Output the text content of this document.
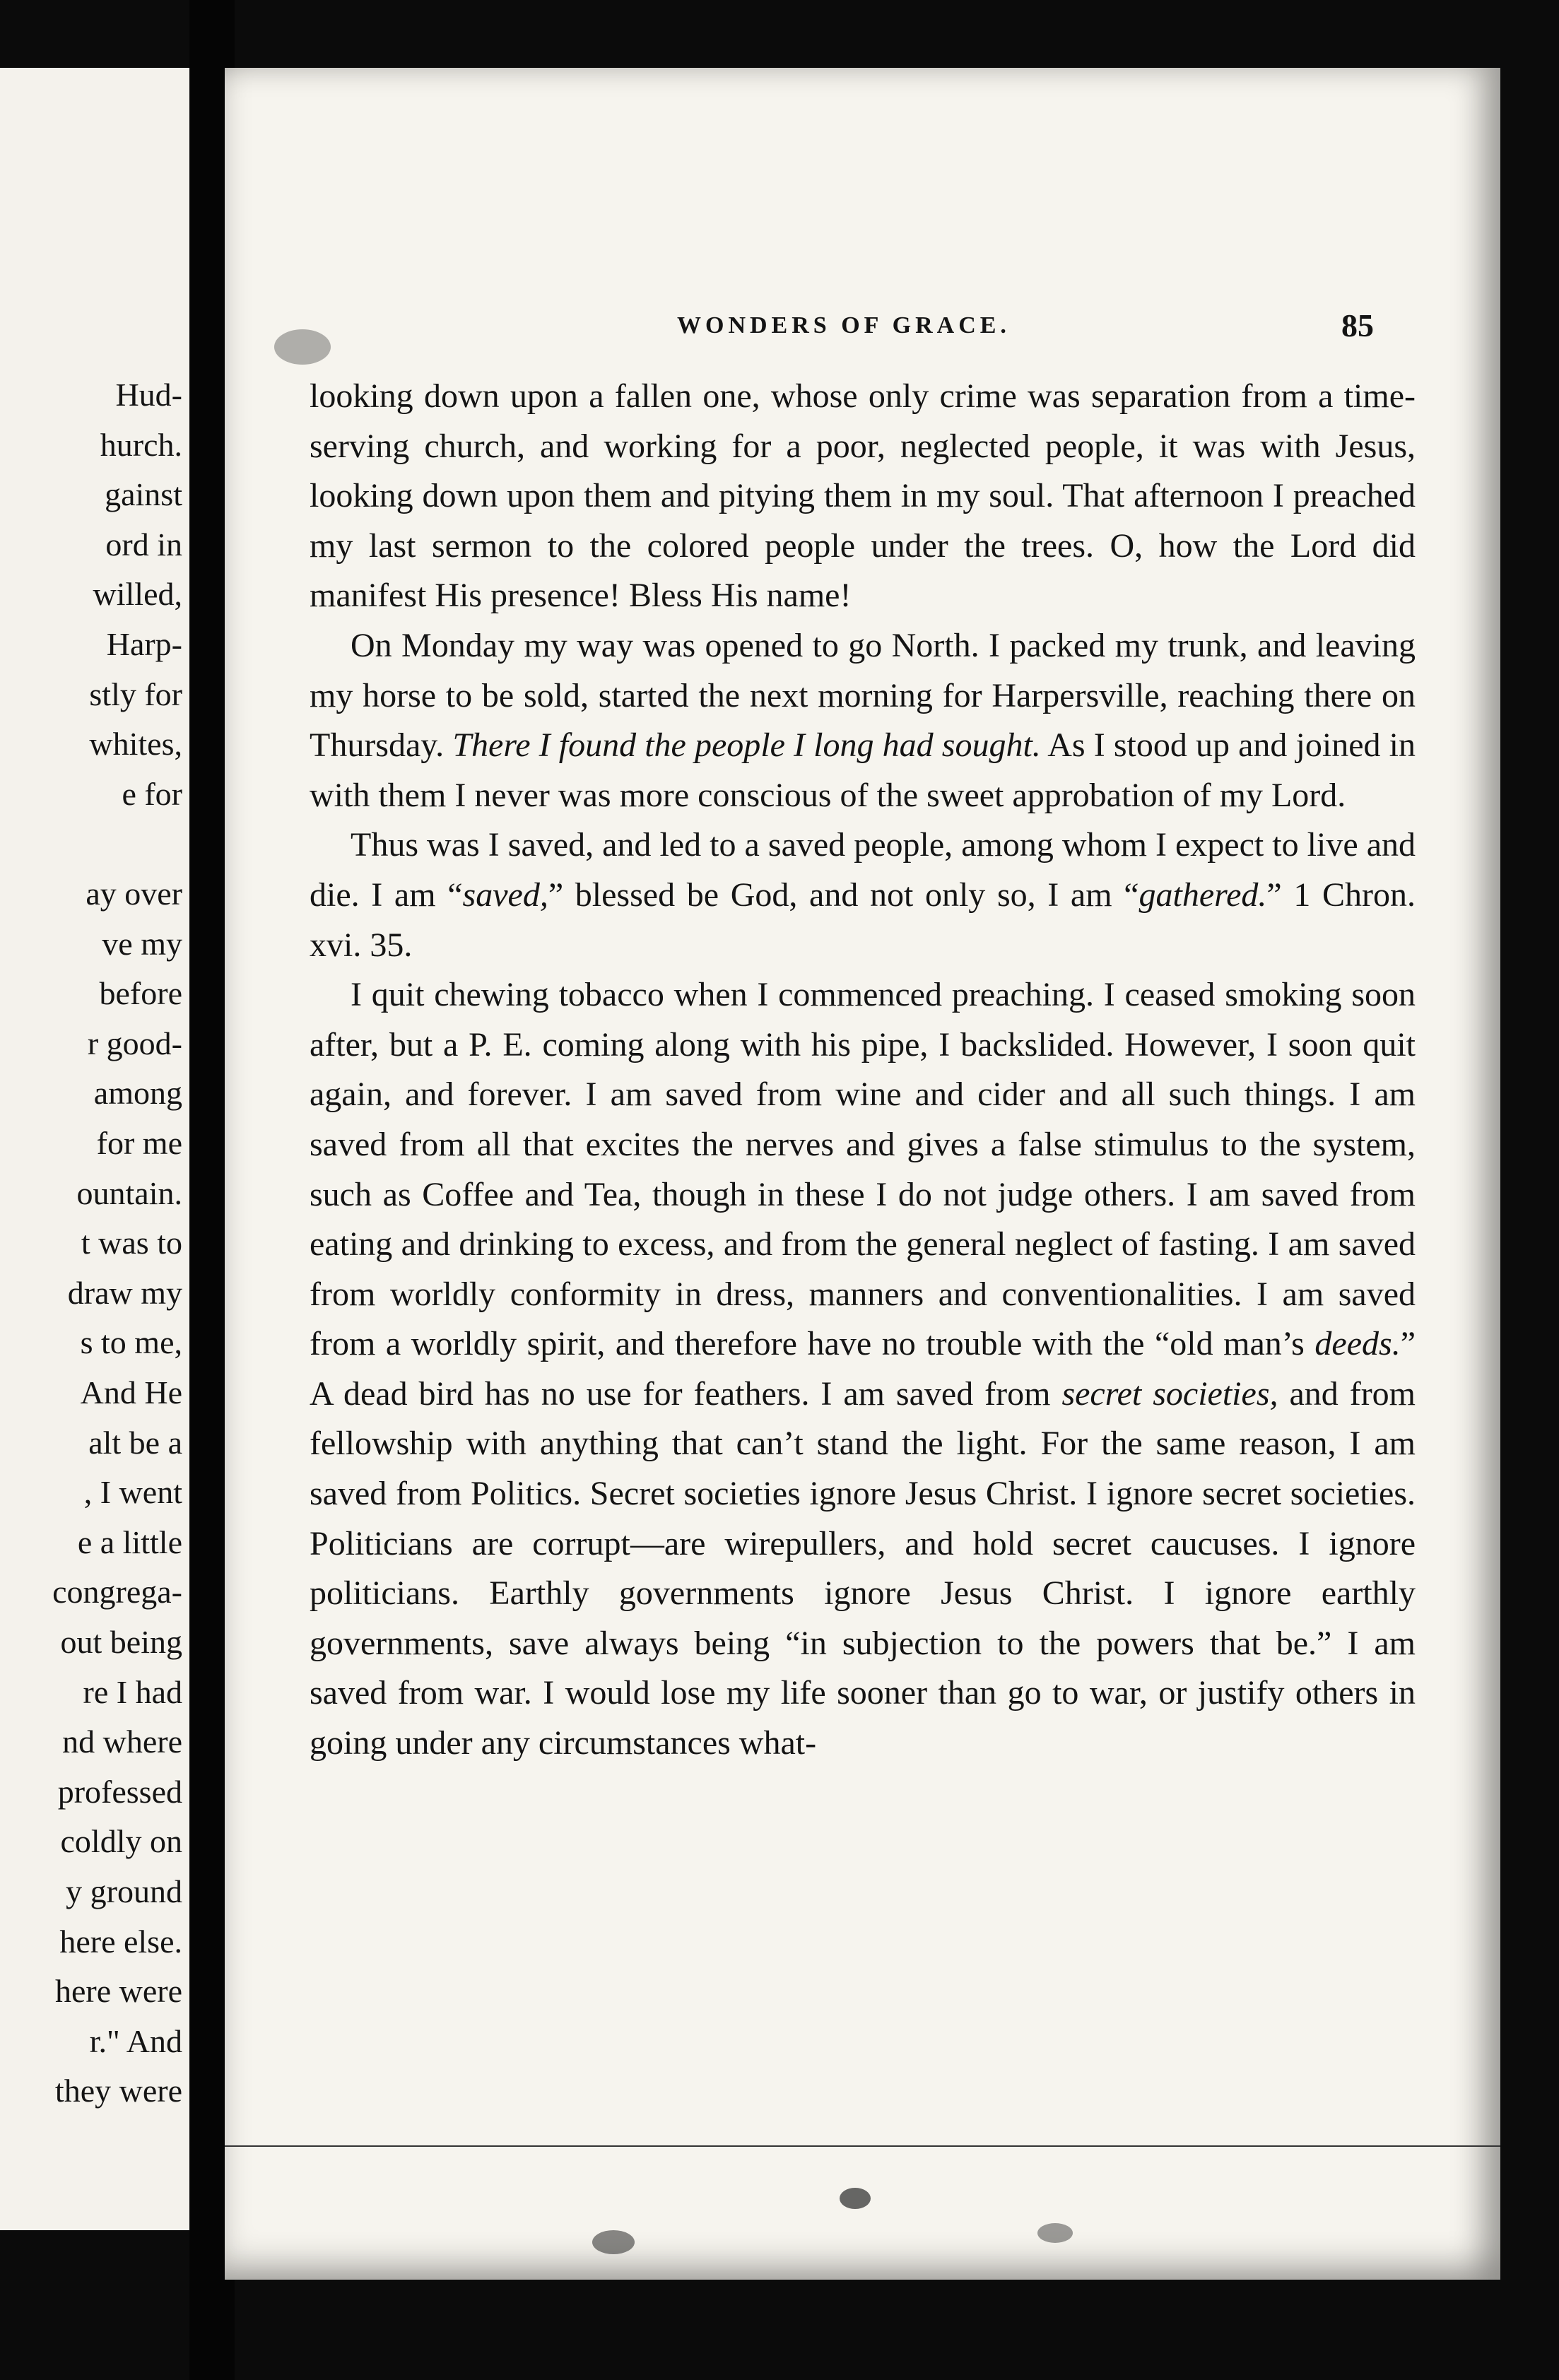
Hud-

hurch.

gainst

ord in

willed,

Harp-

stly for

whites,

e for

ay over

ve my

before

r good-

among

for me

ountain.

t was to

draw my

s to me,

And He

alt be a

, I went

e a little

congrega-

out being

re I had

nd where

professed

coldly on

y ground

here else.

here were

r." And

they were

WONDERS OF GRACE.	85

looking down upon a fallen one, whose only crime was separation from a time-serving church, and working for a poor, neglected people, it was with Jesus, looking down upon them and pitying them in my soul. That afternoon I preached my last sermon to the colored people under the trees. O, how the Lord did manifest His presence! Bless His name!

On Monday my way was opened to go North. I packed my trunk, and leaving my horse to be sold, started the next morning for Harpersville, reaching there on Thursday. There I found the people I long had sought. As I stood up and joined in with them I never was more conscious of the sweet approbation of my Lord.

Thus was I saved, and led to a saved people, among whom I expect to live and die. I am “saved,” blessed be God, and not only so, I am “gathered.” 1 Chron. xvi. 35.

I quit chewing tobacco when I commenced preaching. I ceased smoking soon after, but a P. E. coming along with his pipe, I backslided. However, I soon quit again, and forever. I am saved from wine and cider and all such things. I am saved from all that excites the nerves and gives a false stimulus to the system, such as Coffee and Tea, though in these I do not judge others. I am saved from eating and drinking to excess, and from the general neglect of fasting. I am saved from worldly conformity in dress, manners and conventionalities. I am saved from a worldly spirit, and therefore have no trouble with the “old man’s deeds.” A dead bird has no use for feathers. I am saved from secret societies, and from fellowship with anything that can’t stand the light. For the same reason, I am saved from Politics. Secret societies ignore Jesus Christ. I ignore secret societies. Politicians are corrupt—are wirepullers, and hold secret caucuses. I ignore politicians. Earthly governments ignore Jesus Christ. I ignore earthly governments, save always being “in subjection to the powers that be.” I am saved from war. I would lose my life sooner than go to war, or justify others in going under any circumstances what-
